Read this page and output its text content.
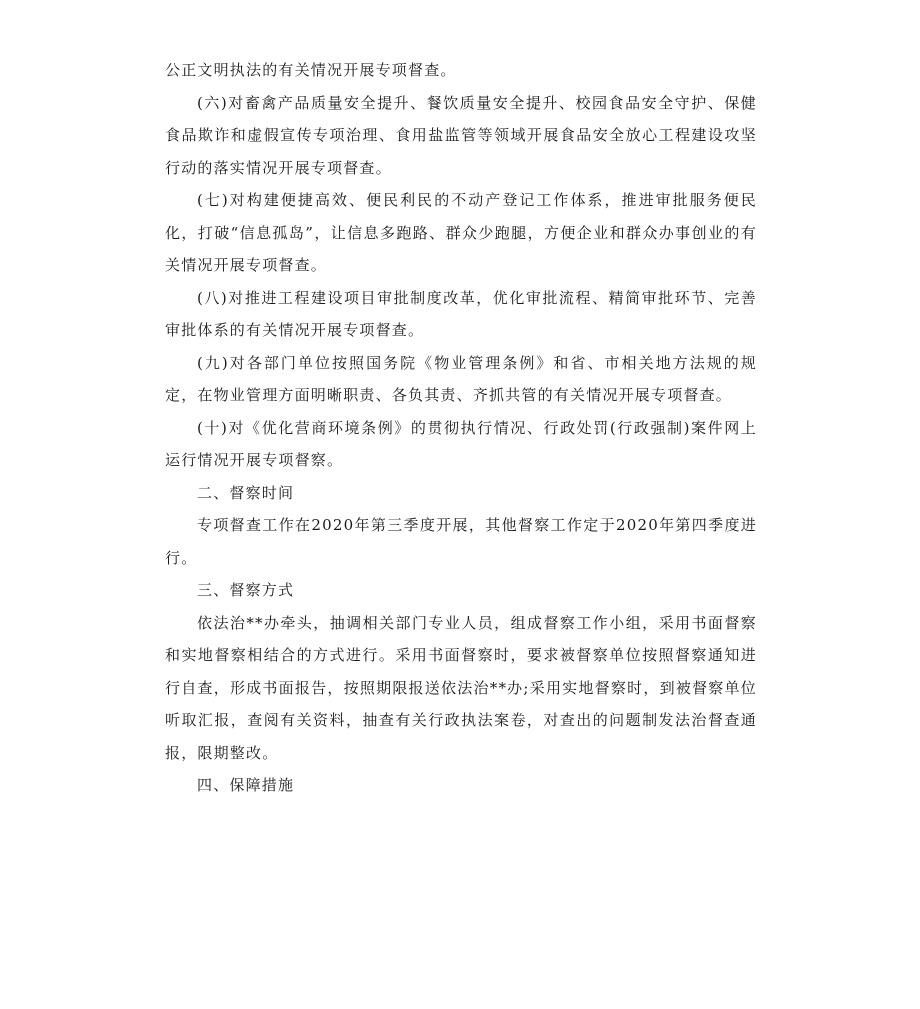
公正文明执法的有关情况开展专项督查。

(六)对畜禽产品质量安全提升、餐饮质量安全提升、校园食品安全守护、保健食品欺诈和虚假宣传专项治理、食用盐监管等领域开展食品安全放心工程建设攻坚行动的落实情况开展专项督查。

(七)对构建便捷高效、便民利民的不动产登记工作体系，推进审批服务便民化，打破“信息孤岛”，让信息多跑路、群众少跑腿，方便企业和群众办事创业的有关情况开展专项督查。

(八)对推进工程建设项目审批制度改革，优化审批流程、精简审批环节、完善审批体系的有关情况开展专项督查。

(九)对各部门单位按照国务院《物业管理条例》和省、市相关地方法规的规定，在物业管理方面明晰职责、各负其责、齐抓共管的有关情况开展专项督查。

(十)对《优化营商环境条例》的贯彻执行情况、行政处罚(行政强制)案件网上运行情况开展专项督察。

二、督察时间

专项督查工作在2020年第三季度开展，其他督察工作定于2020年第四季度进行。

三、督察方式

依法治**办牵头，抽调相关部门专业人员，组成督察工作小组，采用书面督察和实地督察相结合的方式进行。采用书面督察时，要求被督察单位按照督察通知进行自查，形成书面报告，按照期限报送依法治**办;采用实地督察时，到被督察单位听取汇报，查阅有关资料，抽查有关行政执法案卷，对查出的问题制发法治督查通报，限期整改。

四、保障措施
